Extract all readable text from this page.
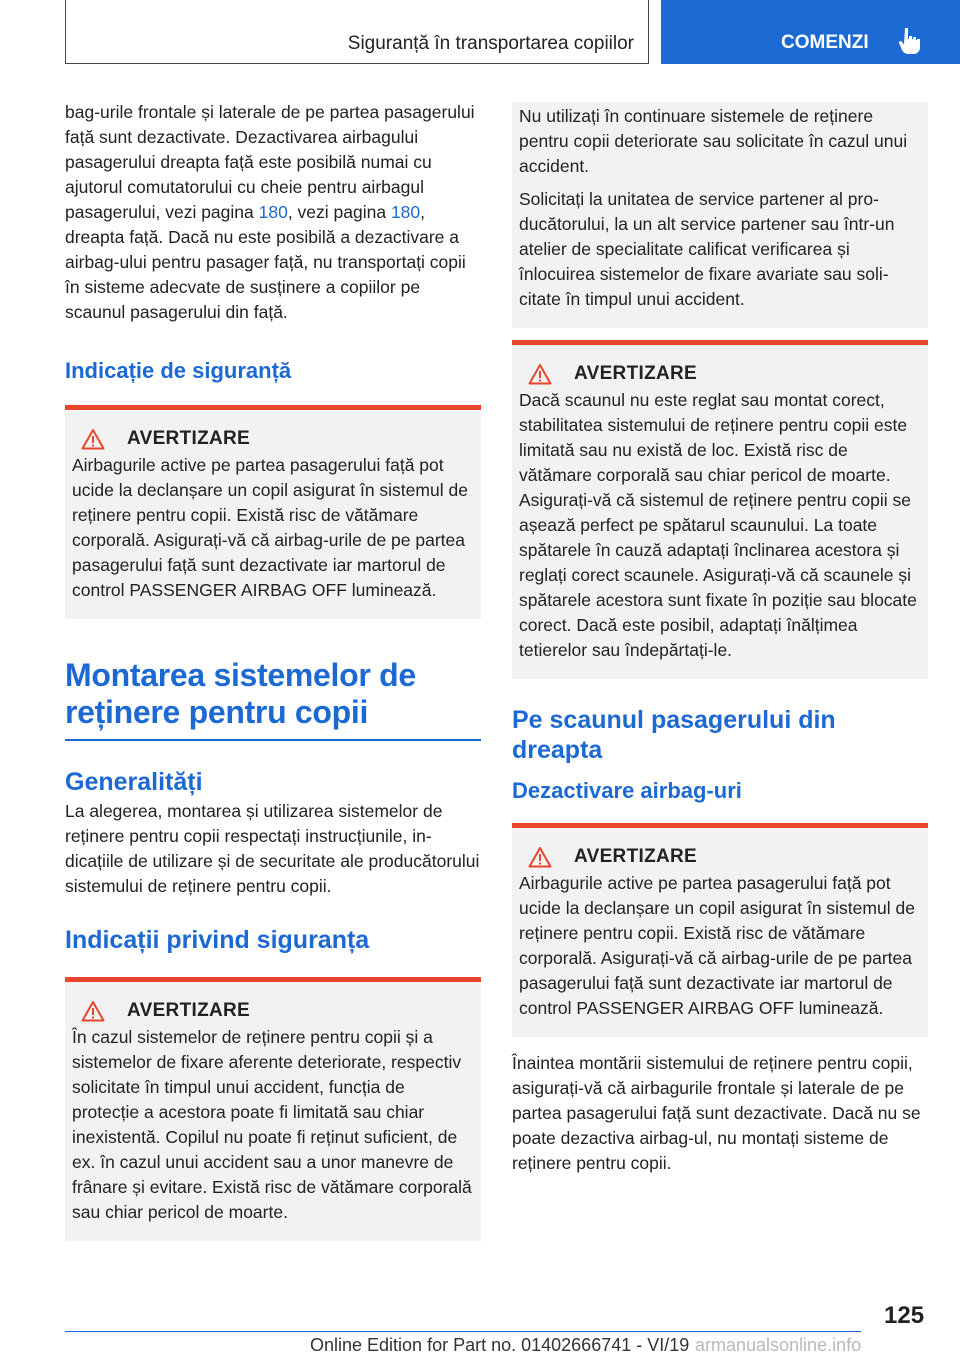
Siguranță în transportarea copiilor	COMENZI

bag-urile frontale și laterale de pe partea pasagerului față sunt dezactivate. Dezactivarea airbagului pasagerului dreapta față este posibilă numai cu ajutorul comutatorului cu cheie pentru airbagul pasagerului, vezi pagina 180, vezi pagina 180, dreapta față. Dacă nu este posibilă a dezactivare a airbag-ului pentru pasager față, nu transportați copii în sisteme adecvate de susținere a copiilor pe scaunul pasagerului din față.

Indicație de siguranță
AVERTIZARE

Airbagurile active pe partea pasagerului față pot ucide la declanșare un copil asigurat în sistemul de reținere pentru copii. Există risc de vătămare corporală. Asigurați-vă că airbag-urile de pe partea pasagerului față sunt dezactivate iar martorul de control PASSENGER AIRBAG OFF luminează.

Montarea sistemelor de reținere pentru copii
Generalități

La alegerea, montarea și utilizarea sistemelor de reținere pentru copii respectați instrucțiunile, indicațiile de utilizare și de securitate ale producătorului sistemului de reținere pentru copii.

Indicații privind siguranța
AVERTIZARE

În cazul sistemelor de reținere pentru copii și a sistemelor de fixare aferente deteriorate, respectiv solicitate în timpul unui accident, funcția de protecție a acestora poate fi limitată sau chiar inexistentă. Copilul nu poate fi reținut suficient, de ex. în cazul unui accident sau a unor manevre de frânare și evitare. Există risc de vătămare corporală sau chiar pericol de moarte.

Nu utilizați în continuare sistemele de reținere pentru copii deteriorate sau solicitate în cazul unui accident.

Solicitați la unitatea de service partener al producătorului, la un alt service partener sau într-un atelier de specialitate calificat verificarea și înlocuirea sistemelor de fixare avariate sau solicitate în timpul unui accident.

AVERTIZARE

Dacă scaunul nu este reglat sau montat corect, stabilitatea sistemului de reținere pentru copii este limitată sau nu există de loc. Există risc de vătămare corporală sau chiar pericol de moarte. Asigurați-vă că sistemul de reținere pentru copii se așează perfect pe spătarul scaunului. La toate spătarele în cauză adaptați înclinarea acestora și reglați corect scaunele. Asigurați-vă că scaunele și spătarele acestora sunt fixate în poziție sau blocate corect. Dacă este posibil, adaptați înălțimea tetierelor sau îndepărtați-le.

Pe scaunul pasagerului din dreapta
Dezactivare airbag-uri
AVERTIZARE

Airbagurile active pe partea pasagerului față pot ucide la declanșare un copil asigurat în sistemul de reținere pentru copii. Există risc de vătămare corporală. Asigurați-vă că airbag-urile de pe partea pasagerului față sunt dezactivate iar martorul de control PASSENGER AIRBAG OFF luminează.

Înaintea montării sistemului de reținere pentru copii, asigurați-vă că airbagurile frontale și laterale de pe partea pasagerului față sunt dezactivate. Dacă nu se poate dezactiva airbag-ul, nu montați sisteme de reținere pentru copii.

125
Online Edition for Part no. 01402666741 - VI/19 armanualsonline.info
